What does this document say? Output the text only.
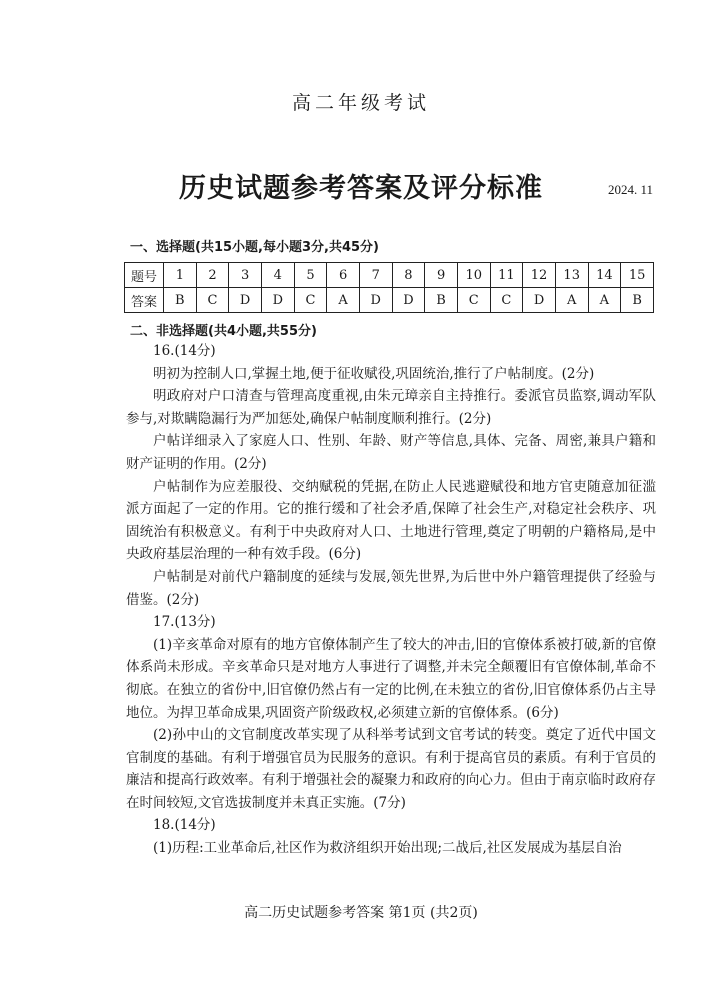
高二年级考试
历史试题参考答案及评分标准	2024. 11
一、选择题(共15小题,每小题3分,共45分)
题号	1	2	3	4	5	6	7	8	9	10	11	12	13	14	15
答案	B	C	D	D	C	A	D	D	B	C	C	D	A	A	B
二、非选择题(共4小题,共55分)

16.(14分)

明初为控制人口,掌握土地,便于征收赋役,巩固统治,推行了户帖制度。(2分)

明政府对户口清查与管理高度重视,由朱元璋亲自主持推行。委派官员监察,调动军队参与,对欺瞒隐漏行为严加惩处,确保户帖制度顺利推行。(2分)

户帖详细录入了家庭人口、性别、年龄、财产等信息,具体、完备、周密,兼具户籍和财产证明的作用。(2分)

户帖制作为应差服役、交纳赋税的凭据,在防止人民逃避赋役和地方官吏随意加征滥派方面起了一定的作用。它的推行缓和了社会矛盾,保障了社会生产,对稳定社会秩序、巩固统治有积极意义。有利于中央政府对人口、土地进行管理,奠定了明朝的户籍格局,是中央政府基层治理的一种有效手段。(6分)

户帖制是对前代户籍制度的延续与发展,领先世界,为后世中外户籍管理提供了经验与借鉴。(2分)

17.(13分)

(1)辛亥革命对原有的地方官僚体制产生了较大的冲击,旧的官僚体系被打破,新的官僚体系尚未形成。辛亥革命只是对地方人事进行了调整,并未完全颠覆旧有官僚体制,革命不彻底。在独立的省份中,旧官僚仍然占有一定的比例,在未独立的省份,旧官僚体系仍占主导地位。为捍卫革命成果,巩固资产阶级政权,必须建立新的官僚体系。(6分)

(2)孙中山的文官制度改革实现了从科举考试到文官考试的转变。奠定了近代中国文官制度的基础。有利于增强官员为民服务的意识。有利于提高官员的素质。有利于官员的廉洁和提高行政效率。有利于增强社会的凝聚力和政府的向心力。但由于南京临时政府存在时间较短,文官选拔制度并未真正实施。(7分)

18.(14分)

(1)历程:工业革命后,社区作为救济组织开始出现;二战后,社区发展成为基层自治

高二历史试题参考答案 第1页 (共2页)
